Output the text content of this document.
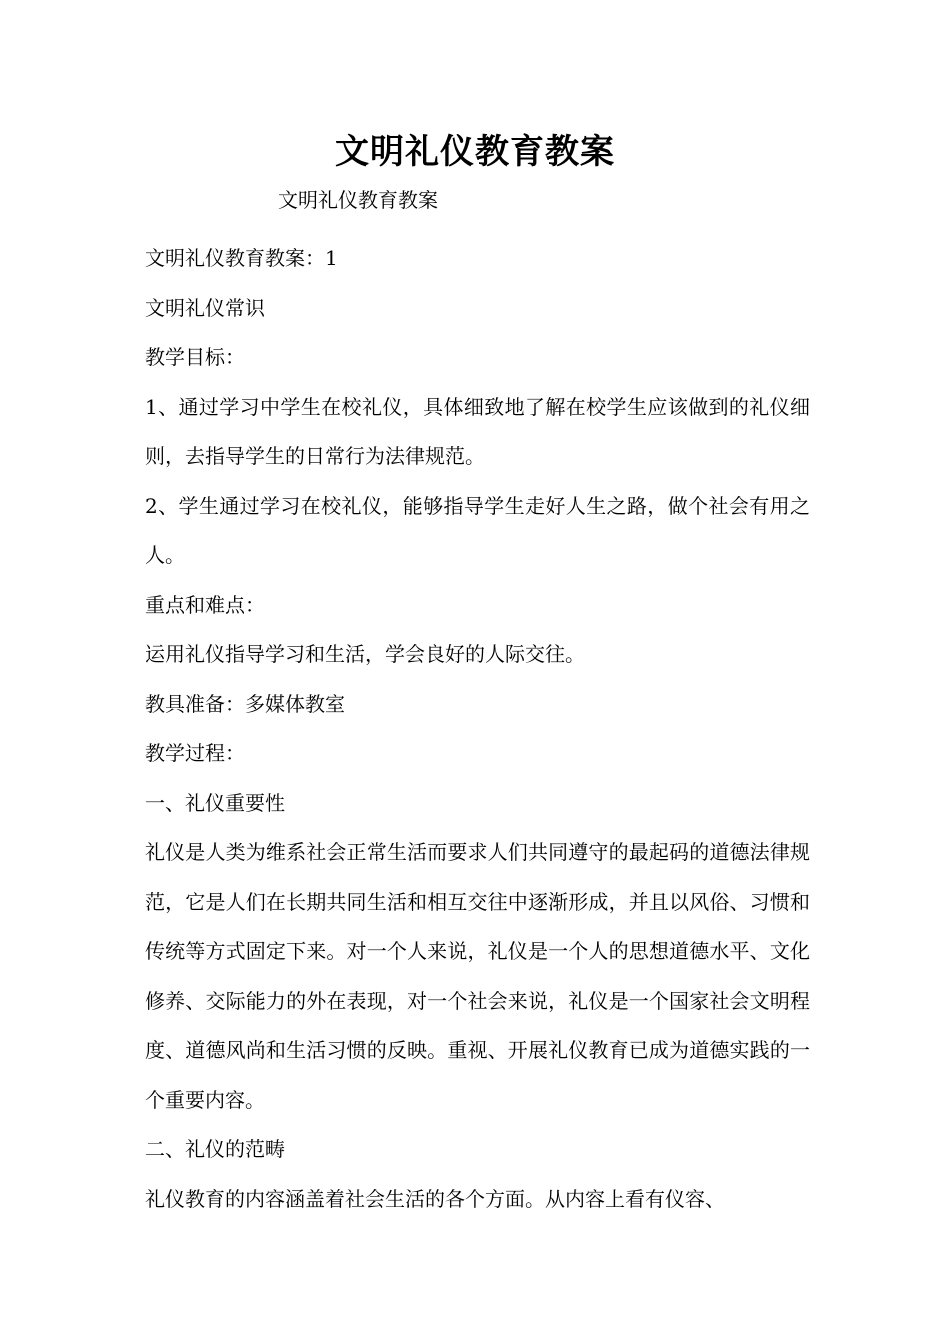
文明礼仪教育教案
文明礼仪教育教案

文明礼仪教育教案：1

文明礼仪常识

教学目标：

1、通过学习中学生在校礼仪，具体细致地了解在校学生应该做到的礼仪细则，去指导学生的日常行为法律规范。

2、学生通过学习在校礼仪，能够指导学生走好人生之路，做个社会有用之人。

重点和难点：

运用礼仪指导学习和生活，学会良好的人际交往。

教具准备：多媒体教室

教学过程：

一、礼仪重要性

礼仪是人类为维系社会正常生活而要求人们共同遵守的最起码的道德法律规范，它是人们在长期共同生活和相互交往中逐渐形成，并且以风俗、习惯和传统等方式固定下来。对一个人来说，礼仪是一个人的思想道德水平、文化修养、交际能力的外在表现，对一个社会来说，礼仪是一个国家社会文明程度、道德风尚和生活习惯的反映。重视、开展礼仪教育已成为道德实践的一个重要内容。

二、礼仪的范畴

礼仪教育的内容涵盖着社会生活的各个方面。从内容上看有仪容、
